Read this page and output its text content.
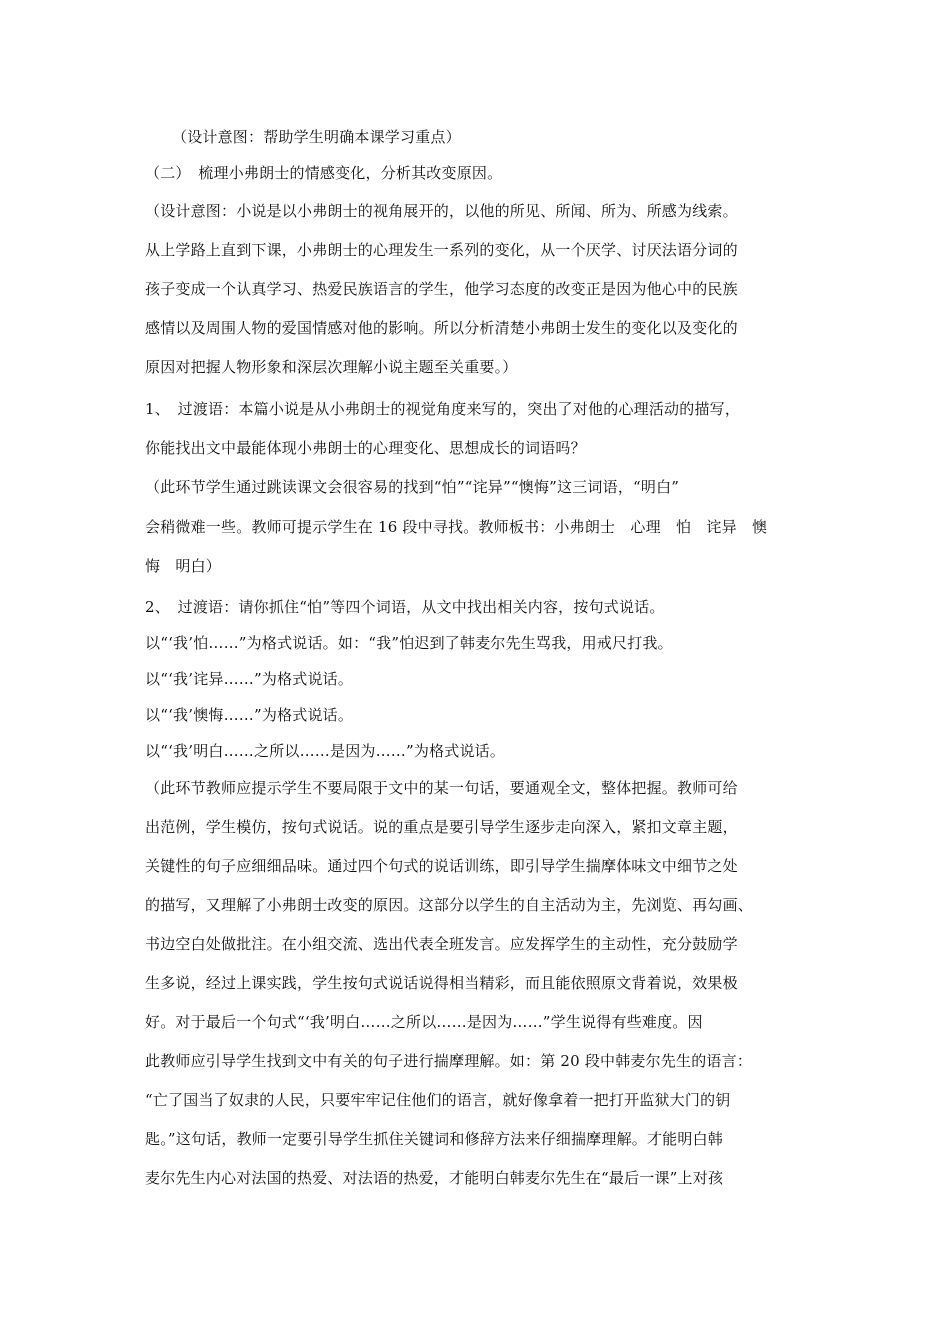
（设计意图：帮助学生明确本课学习重点）
（二）　梳理小弗朗士的情感变化，分析其改变原因。
（设计意图：小说是以小弗朗士的视角展开的，以他的所见、所闻、所为、所感为线索。
从上学路上直到下课，小弗朗士的心理发生一系列的变化，从一个厌学、讨厌法语分词的
孩子变成一个认真学习、热爱民族语言的学生，他学习态度的改变正是因为他心中的民族
感情以及周围人物的爱国情感对他的影响。所以分析清楚小弗朗士发生的变化以及变化的
原因对把握人物形象和深层次理解小说主题至关重要。）
1、　过渡语：本篇小说是从小弗朗士的视觉角度来写的，突出了对他的心理活动的描写，
你能找出文中最能体现小弗朗士的心理变化、思想成长的词语吗？
（此环节学生通过跳读课文会很容易的找到“怕”“诧异”“懊悔”这三词语，“明白”
会稍微难一些。教师可提示学生在 16 段中寻找。教师板书：小弗朗士　心理　怕　诧异　懊
悔　明白）
2、　过渡语：请你抓住“怕”等四个词语，从文中找出相关内容，按句式说话。
以“‘我’怕……”为格式说话。如：“我”怕迟到了韩麦尔先生骂我，用戒尺打我。
以“‘我’诧异……”为格式说话。
以“‘我’懊悔……”为格式说话。
以“‘我’明白……之所以……是因为……”为格式说话。
（此环节教师应提示学生不要局限于文中的某一句话，要通观全文，整体把握。教师可给
出范例，学生模仿，按句式说话。说的重点是要引导学生逐步走向深入，紧扣文章主题，
关键性的句子应细细品味。通过四个句式的说话训练，即引导学生揣摩体味文中细节之处
的描写，又理解了小弗朗士改变的原因。这部分以学生的自主活动为主，先浏览、再勾画、
书边空白处做批注。在小组交流、选出代表全班发言。应发挥学生的主动性，充分鼓励学
生多说，经过上课实践，学生按句式说话说得相当精彩，而且能依照原文背着说，效果极
好。对于最后一个句式“‘我’明白……之所以……是因为……”学生说得有些难度。因
此教师应引导学生找到文中有关的句子进行揣摩理解。如：第 20 段中韩麦尔先生的语言：
“亡了国当了奴隶的人民，只要牢牢记住他们的语言，就好像拿着一把打开监狱大门的钥
匙。”这句话，教师一定要引导学生抓住关键词和修辞方法来仔细揣摩理解。才能明白韩
麦尔先生内心对法国的热爱、对法语的热爱，才能明白韩麦尔先生在“最后一课”上对孩
